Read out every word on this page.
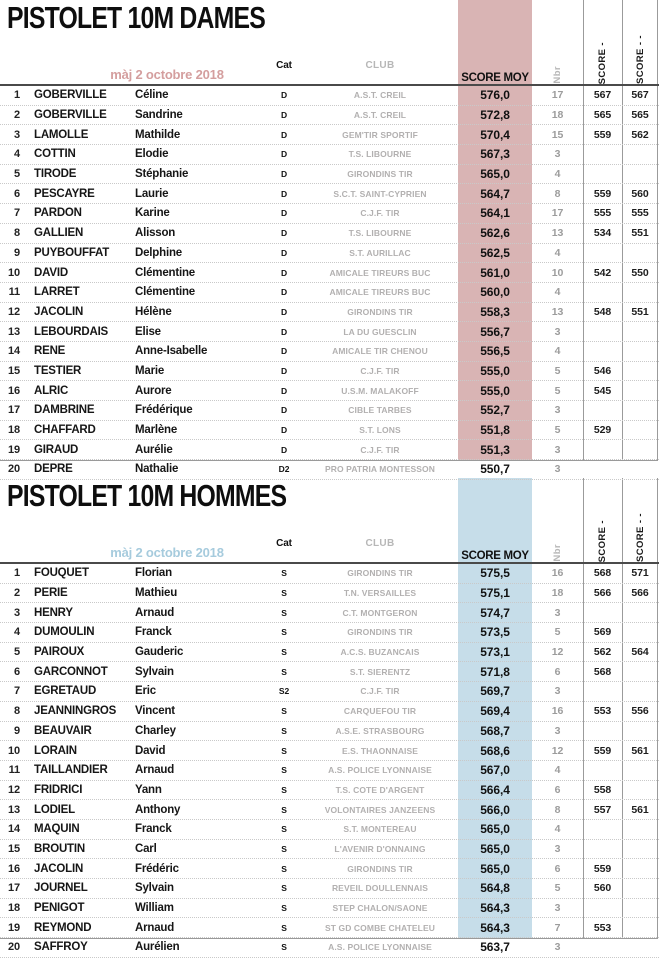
PISTOLET 10M DAMES
màj 2 octobre 2018
Cat	CLUB
SCORE MOY	Nbr	SCORE -	SCORE - -
1	GOBERVILLE	Céline	D	A.S.T. CREIL	576,0	17	567	567
2	GOBERVILLE	Sandrine	D	A.S.T. CREIL	572,8	18	565	565
3	LAMOLLE	Mathilde	D	GEM'TIR SPORTIF	570,4	15	559	562
4	COTTIN	Elodie	D	T.S. LIBOURNE	567,3	3
5	TIRODE	Stéphanie	D	GIRONDINS TIR	565,0	4
6	PESCAYRE	Laurie	D	S.C.T. SAINT-CYPRIEN	564,7	8	559	560
7	PARDON	Karine	D	C.J.F. TIR	564,1	17	555	555
8	GALLIEN	Alisson	D	T.S. LIBOURNE	562,6	13	534	551
9	PUYBOUFFAT	Delphine	D	S.T. AURILLAC	562,5	4
10	DAVID	Clémentine	D	AMICALE TIREURS BUC	561,0	10	542	550
11	LARRET	Clémentine	D	AMICALE TIREURS BUC	560,0	4
12	JACOLIN	Hélène	D	GIRONDINS TIR	558,3	13	548	551
13	LEBOURDAIS	Elise	D	LA DU GUESCLIN	556,7	3
14	RENE	Anne-Isabelle	D	AMICALE TIR CHENOU	556,5	4
15	TESTIER	Marie	D	C.J.F. TIR	555,0	5	546
16	ALRIC	Aurore	D	U.S.M. MALAKOFF	555,0	5	545
17	DAMBRINE	Frédérique	D	CIBLE TARBES	552,7	3
18	CHAFFARD	Marlène	D	S.T. LONS	551,8	5	529
19	GIRAUD	Aurélie	D	C.J.F. TIR	551,3	3
20	DEPRE	Nathalie	D2	PRO PATRIA MONTESSON	550,7	3
PISTOLET 10M HOMMES
màj 2 octobre 2018
Cat	CLUB
SCORE MOY	Nbr	SCORE -	SCORE - -
1	FOUQUET	Florian	S	GIRONDINS TIR	575,5	16	568	571
2	PERIE	Mathieu	S	T.N. VERSAILLES	575,1	18	566	566
3	HENRY	Arnaud	S	C.T. MONTGERON	574,7	3
4	DUMOULIN	Franck	S	GIRONDINS TIR	573,5	5	569
5	PAIROUX	Gauderic	S	A.C.S. BUZANCAIS	573,1	12	562	564
6	GARCONNOT	Sylvain	S	S.T. SIERENTZ	571,8	6	568
7	EGRETAUD	Eric	S2	C.J.F. TIR	569,7	3
8	JEANNINGROS	Vincent	S	CARQUEFOU TIR	569,4	16	553	556
9	BEAUVAIR	Charley	S	A.S.E. STRASBOURG	568,7	3
10	LORAIN	David	S	E.S. THAONNAISE	568,6	12	559	561
11	TAILLANDIER	Arnaud	S	A.S. POLICE LYONNAISE	567,0	4
12	FRIDRICI	Yann	S	T.S. COTE D'ARGENT	566,4	6	558
13	LODIEL	Anthony	S	VOLONTAIRES JANZEENS	566,0	8	557	561
14	MAQUIN	Franck	S	S.T. MONTEREAU	565,0	4
15	BROUTIN	Carl	S	L'AVENIR D'ONNAING	565,0	3
16	JACOLIN	Frédéric	S	GIRONDINS TIR	565,0	6	559
17	JOURNEL	Sylvain	S	REVEIL DOULLENNAIS	564,8	5	560
18	PENIGOT	William	S	STEP CHALON/SAONE	564,3	3
19	REYMOND	Arnaud	S	ST GD COMBE CHATELEU	564,3	7	553
20	SAFFROY	Aurélien	S	A.S. POLICE LYONNAISE	563,7	3
